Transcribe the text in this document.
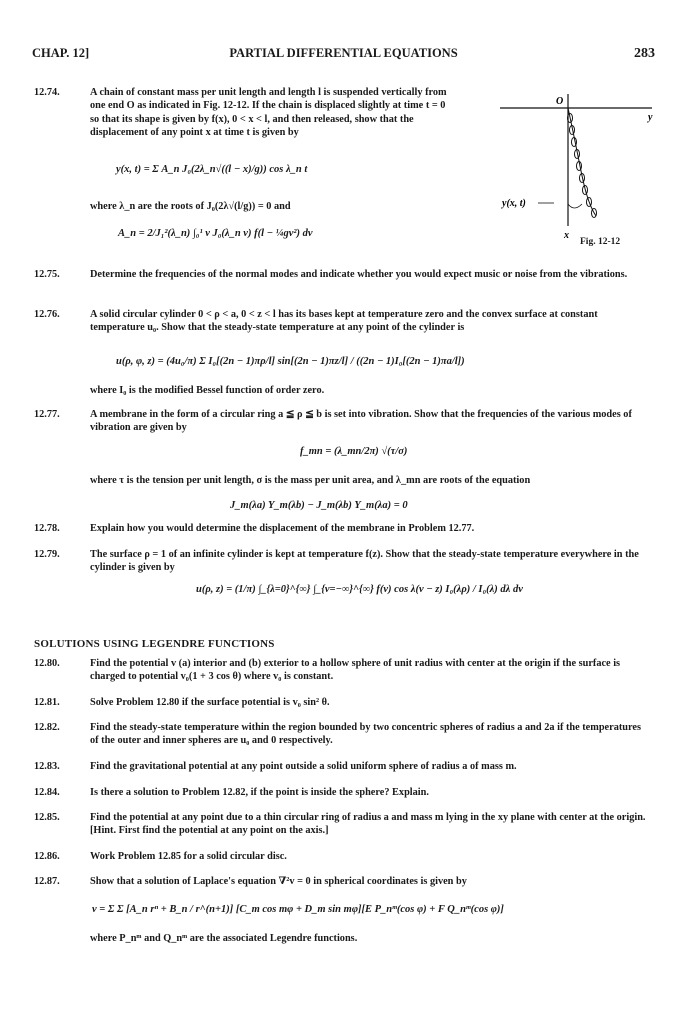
CHAP. 12]	PARTIAL DIFFERENTIAL EQUATIONS	283
O
y
x
y(x, t)
Fig. 12-12
12.74.	A chain of constant mass per unit length and length l is suspended vertically from one end O as indicated in Fig. 12-12. If the chain is displaced slightly at time t = 0 so that its shape is given by f(x), 0 < x < l, and then released, show that the displacement of any point x at time t is given by
y(x, t) = Σ A_n J₀(2λ_n√((l − x)/g)) cos λ_n t
where λ_n are the roots of J₀(2λ√(l/g)) = 0 and
A_n = 2/J₁²(λ_n) ∫₀¹ v J₀(λ_n v) f(l − ¼gv²) dv
12.75.	Determine the frequencies of the normal modes and indicate whether you would expect music or noise from the vibrations.
12.76.	A solid circular cylinder 0 < ρ < a, 0 < z < l has its bases kept at temperature zero and the convex surface at constant temperature u₀. Show that the steady-state temperature at any point of the cylinder is
u(ρ, φ, z) = (4u₀/π) Σ I₀[(2n − 1)πρ/l] sin[(2n − 1)πz/l] / ((2n − 1)I₀[(2n − 1)πa/l])
where I₀ is the modified Bessel function of order zero.
12.77.	A membrane in the form of a circular ring a ≦ ρ ≦ b is set into vibration. Show that the frequencies of the various modes of vibration are given by
f_mn = (λ_mn/2π) √(τ/σ)
where τ is the tension per unit length, σ is the mass per unit area, and λ_mn are roots of the equation
J_m(λa) Y_m(λb) − J_m(λb) Y_m(λa) = 0
12.78.	Explain how you would determine the displacement of the membrane in Problem 12.77.
12.79.	The surface ρ = 1 of an infinite cylinder is kept at temperature f(z). Show that the steady-state temperature everywhere in the cylinder is given by
u(ρ, z) = (1/π) ∫_{λ=0}^{∞} ∫_{v=−∞}^{∞} f(v) cos λ(v − z) I₀(λρ) / I₀(λ) dλ dv
SOLUTIONS USING LEGENDRE FUNCTIONS
12.80.	Find the potential v (a) interior and (b) exterior to a hollow sphere of unit radius with center at the origin if the surface is charged to potential v₀(1 + 3 cos θ) where v₀ is constant.
12.81.	Solve Problem 12.80 if the surface potential is v₀ sin² θ.
12.82.	Find the steady-state temperature within the region bounded by two concentric spheres of radius a and 2a if the temperatures of the outer and inner spheres are u₀ and 0 respectively.
12.83.	Find the gravitational potential at any point outside a solid uniform sphere of radius a of mass m.
12.84.	Is there a solution to Problem 12.82, if the point is inside the sphere? Explain.
12.85.	Find the potential at any point due to a thin circular ring of radius a and mass m lying in the xy plane with center at the origin. [Hint. First find the potential at any point on the axis.]
12.86.	Work Problem 12.85 for a solid circular disc.
12.87.	Show that a solution of Laplace's equation ∇²v = 0 in spherical coordinates is given by
v = Σ Σ [A_n rⁿ + B_n / r^(n+1)] [C_m cos mφ + D_m sin mφ][E P_nᵐ(cos φ) + F Q_nᵐ(cos φ)]
where P_nᵐ and Q_nᵐ are the associated Legendre functions.
